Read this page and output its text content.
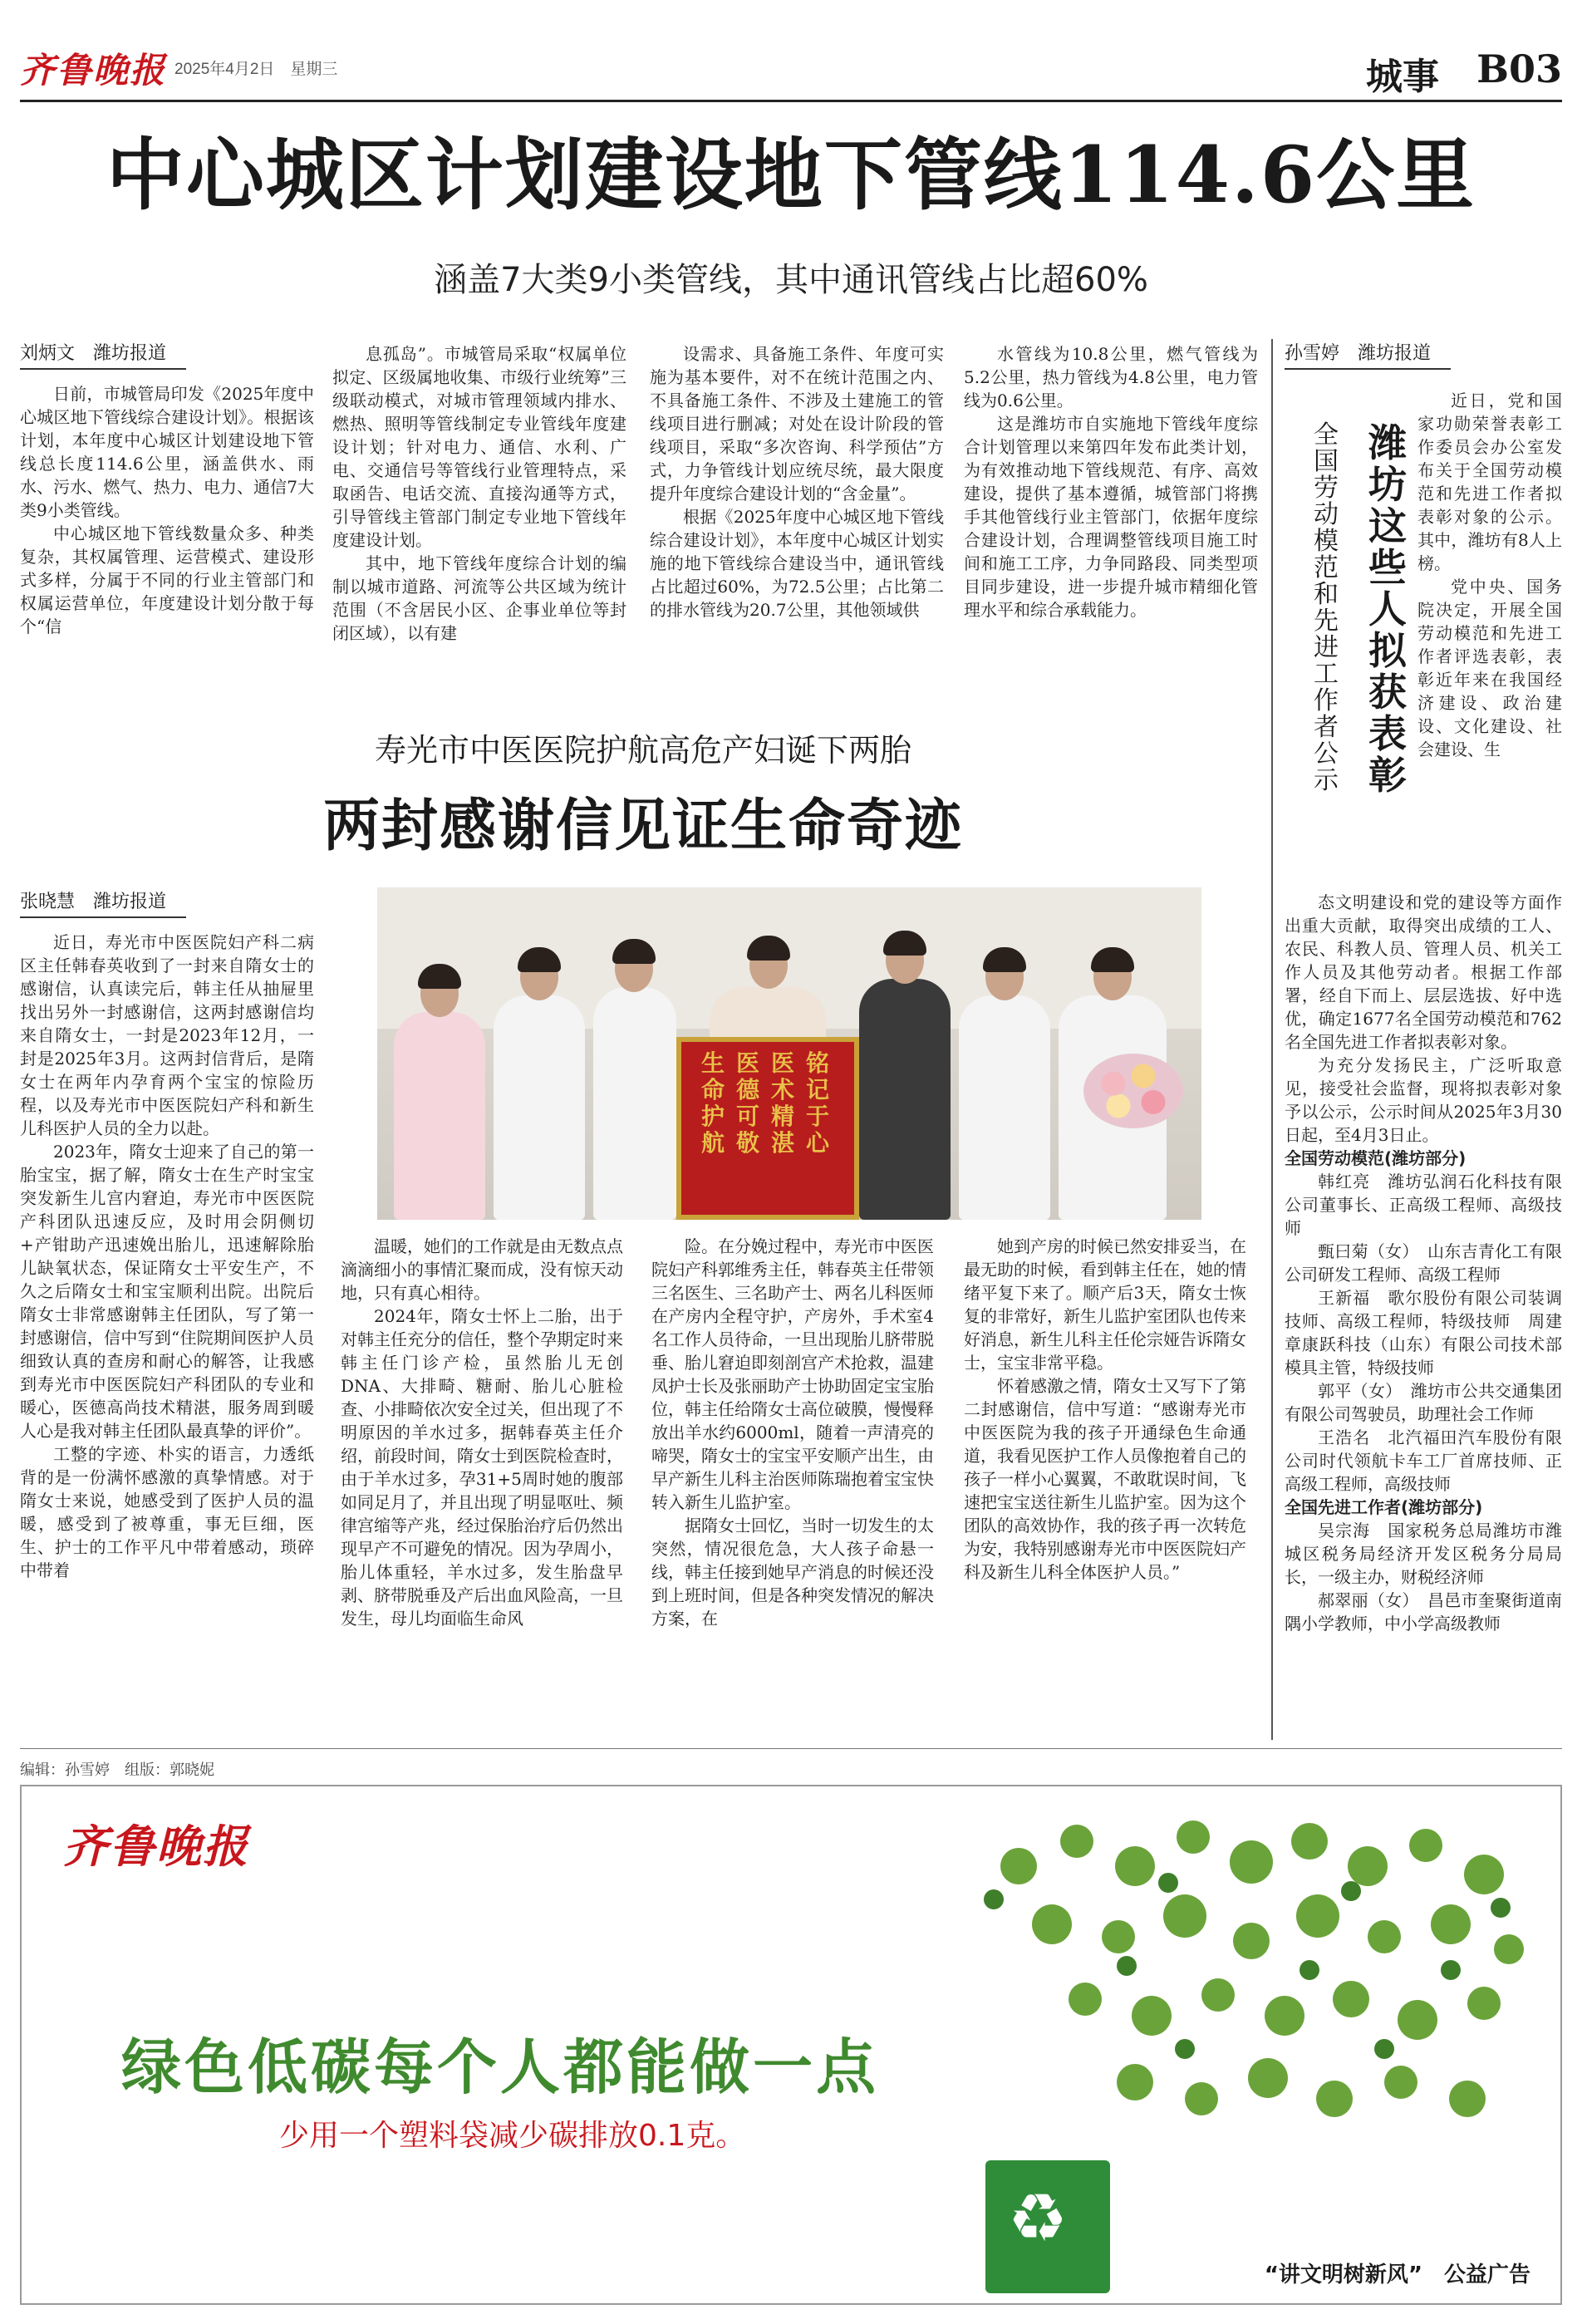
齐鲁晚报 2025年4月2日　星期三	城事 B03
中心城区计划建设地下管线114.6公里
涵盖7大类9小类管线，其中通讯管线占比超60%
刘炳文　潍坊报道

日前，市城管局印发《2025年度中心城区地下管线综合建设计划》。根据该计划，本年度中心城区计划建设地下管线总长度114.6公里，涵盖供水、雨水、污水、燃气、热力、电力、通信7大类9小类管线。

中心城区地下管线数量众多、种类复杂，其权属管理、运营模式、建设形式多样，分属于不同的行业主管部门和权属运营单位，年度建设计划分散于每个“信

息孤岛”。市城管局采取“权属单位拟定、区级属地收集、市级行业统筹”三级联动模式，对城市管理领域内排水、燃热、照明等管线制定专业管线年度建设计划；针对电力、通信、水利、广电、交通信号等管线行业管理特点，采取函告、电话交流、直接沟通等方式，引导管线主管部门制定专业地下管线年度建设计划。

其中，地下管线年度综合计划的编制以城市道路、河流等公共区域为统计范围（不含居民小区、企事业单位等封闭区域），以有建

设需求、具备施工条件、年度可实施为基本要件，对不在统计范围之内、不具备施工条件、不涉及土建施工的管线项目进行删减；对处在设计阶段的管线项目，采取“多次咨询、科学预估”方式，力争管线计划应统尽统，最大限度提升年度综合建设计划的“含金量”。

根据《2025年度中心城区地下管线综合建设计划》，本年度中心城区计划实施的地下管线综合建设当中，通讯管线占比超过60%，为72.5公里；占比第二的排水管线为20.7公里，其他领域供

水管线为10.8公里，燃气管线为5.2公里，热力管线为4.8公里，电力管线为0.6公里。

这是潍坊市自实施地下管线年度综合计划管理以来第四年发布此类计划，为有效推动地下管线规范、有序、高效建设，提供了基本遵循，城管部门将携手其他管线行业主管部门，依据年度综合建设计划，合理调整管线项目施工时间和施工工序，力争同路段、同类型项目同步建设，进一步提升城市精细化管理水平和综合承载能力。

寿光市中医医院护航高危产妇诞下两胎
两封感谢信见证生命奇迹
张晓慧　潍坊报道

近日，寿光市中医医院妇产科二病区主任韩春英收到了一封来自隋女士的感谢信，认真读完后，韩主任从抽屉里找出另外一封感谢信，这两封感谢信均来自隋女士，一封是2023年12月，一封是2025年3月。这两封信背后，是隋女士在两年内孕育两个宝宝的惊险历程，以及寿光市中医医院妇产科和新生儿科医护人员的全力以赴。

2023年，隋女士迎来了自己的第一胎宝宝，据了解，隋女士在生产时宝宝突发新生儿宫内窘迫，寿光市中医医院产科团队迅速反应，及时用会阴侧切+产钳助产迅速娩出胎儿，迅速解除胎儿缺氧状态，保证隋女士平安生产，不久之后隋女士和宝宝顺利出院。出院后隋女士非常感谢韩主任团队，写了第一封感谢信，信中写到“住院期间医护人员细致认真的查房和耐心的解答，让我感到寿光市中医医院妇产科团队的专业和暖心，医德高尚技术精湛，服务周到暖人心是我对韩主任团队最真挚的评价”。

工整的字迹、朴实的语言，力透纸背的是一份满怀感激的真挚情感。对于隋女士来说，她感受到了医护人员的温暖，感受到了被尊重，事无巨细，医生、护士的工作平凡中带着感动，琐碎中带着

生命护航
医德可敬
医术精湛
铭记于心

温暖，她们的工作就是由无数点点滴滴细小的事情汇聚而成，没有惊天动地，只有真心相待。

2024年，隋女士怀上二胎，出于对韩主任充分的信任，整个孕期定时来韩主任门诊产检，虽然胎儿无创DNA、大排畸、糖耐、胎儿心脏检查、小排畸依次安全过关，但出现了不明原因的羊水过多，据韩春英主任介绍，前段时间，隋女士到医院检查时，由于羊水过多，孕31+5周时她的腹部如同足月了，并且出现了明显呕吐、频律宫缩等产兆，经过保胎治疗后仍然出现早产不可避免的情况。因为孕周小，胎儿体重轻，羊水过多，发生胎盘早剥、脐带脱垂及产后出血风险高，一旦发生，母儿均面临生命风

险。在分娩过程中，寿光市中医医院妇产科郭维秀主任，韩春英主任带领三名医生、三名助产士、两名儿科医师在产房内全程守护，产房外，手术室4名工作人员待命，一旦出现胎儿脐带脱垂、胎儿窘迫即刻剖宫产术抢救，温建凤护士长及张丽助产士协助固定宝宝胎位，韩主任给隋女士高位破膜，慢慢释放出羊水约6000ml，随着一声清亮的啼哭，隋女士的宝宝平安顺产出生，由早产新生儿科主治医师陈瑞抱着宝宝快转入新生儿监护室。

据隋女士回忆，当时一切发生的太突然，情况很危急，大人孩子命悬一线，韩主任接到她早产消息的时候还没到上班时间，但是各种突发情况的解决方案，在

她到产房的时候已然安排妥当，在最无助的时候，看到韩主任在，她的情绪平复下来了。顺产后3天，隋女士恢复的非常好，新生儿监护室团队也传来好消息，新生儿科主任伦宗娅告诉隋女士，宝宝非常平稳。

怀着感激之情，隋女士又写下了第二封感谢信，信中写道：“感谢寿光市中医医院为我的孩子开通绿色生命通道，我看见医护工作人员像抱着自己的孩子一样小心翼翼，不敢耽误时间，飞速把宝宝送往新生儿监护室。因为这个团队的高效协作，我的孩子再一次转危为安，我特别感谢寿光市中医医院妇产科及新生儿科全体医护人员。”

孙雪婷　潍坊报道
潍坊这些人拟获表彰
全国劳动模范和先进工作者公示

近日，党和国家功勋荣誉表彰工作委员会办公室发布关于全国劳动模范和先进工作者拟表彰对象的公示。其中，潍坊有8人上榜。

党中央、国务院决定，开展全国劳动模范和先进工作者评选表彰，表彰近年来在我国经济建设、政治建设、文化建设、社会建设、生

态文明建设和党的建设等方面作出重大贡献，取得突出成绩的工人、农民、科教人员、管理人员、机关工作人员及其他劳动者。根据工作部署，经自下而上、层层选拔、好中选优，确定1677名全国劳动模范和762名全国先进工作者拟表彰对象。

为充分发扬民主，广泛听取意见，接受社会监督，现将拟表彰对象予以公示，公示时间从2025年3月30日起，至4月3日止。

全国劳动模范(潍坊部分)

韩红亮　潍坊弘润石化科技有限公司董事长、正高级工程师、高级技师

甄曰菊（女）　山东吉青化工有限公司研发工程师、高级工程师

王新福　歌尔股份有限公司装调技师、高级工程师，特级技师　周建章康跃科技（山东）有限公司技术部模具主管，特级技师

郭平（女）　潍坊市公共交通集团有限公司驾驶员，助理社会工作师

王浩名　北汽福田汽车股份有限公司时代领航卡车工厂首席技师、正高级工程师，高级技师

全国先进工作者(潍坊部分)

吴宗海　国家税务总局潍坊市潍城区税务局经济开发区税务分局局长，一级主办，财税经济师

郝翠丽（女）　昌邑市奎聚街道南隅小学教师，中小学高级教师

编辑：孙雪婷　组版：郭晓妮
齐鲁晚报
绿色低碳每个人都能做一点
少用一个塑料袋减少碳排放0.1克。
♻
“讲文明树新风”　公益广告
